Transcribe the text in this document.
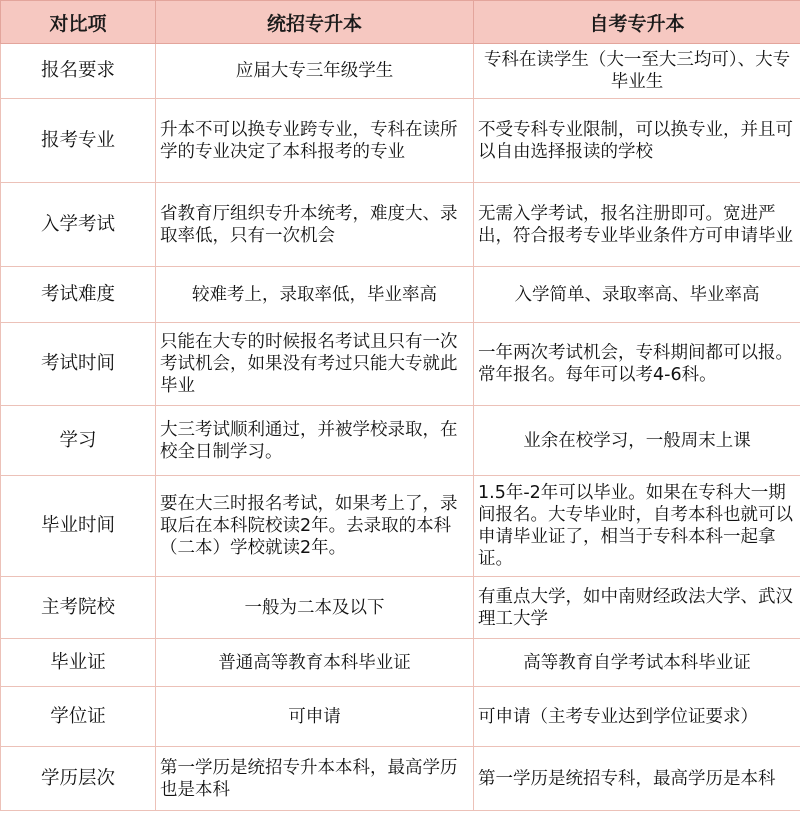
对比项	统招专升本	自考专升本
报名要求	应届大专三年级学生	专科在读学生（大一至大三均可）、大专毕业生
报考专业	升本不可以换专业跨专业，专科在读所学的专业决定了本科报考的专业	不受专科专业限制，可以换专业，并且可以自由选择报读的学校
入学考试	省教育厅组织专升本统考，难度大、录取率低，只有一次机会	无需入学考试，报名注册即可。宽进严出，符合报考专业毕业条件方可申请毕业
考试难度	较难考上，录取率低，毕业率高	入学简单、录取率高、毕业率高
考试时间	只能在大专的时候报名考试且只有一次考试机会，如果没有考过只能大专就此毕业	一年两次考试机会，专科期间都可以报。常年报名。每年可以考4-6科。
学习	大三考试顺利通过，并被学校录取，在校全日制学习。	业余在校学习，一般周末上课
毕业时间	要在大三时报名考试，如果考上了，录取后在本科院校读2年。去录取的本科（二本）学校就读2年。	1.5年-2年可以毕业。如果在专科大一期间报名。大专毕业时，自考本科也就可以申请毕业证了，相当于专科本科一起拿证。
主考院校	一般为二本及以下	有重点大学，如中南财经政法大学、武汉理工大学
毕业证	普通高等教育本科毕业证	高等教育自学考试本科毕业证
学位证	可申请	可申请（主考专业达到学位证要求）
学历层次	第一学历是统招专升本本科，最高学历也是本科	第一学历是统招专科，最高学历是本科
